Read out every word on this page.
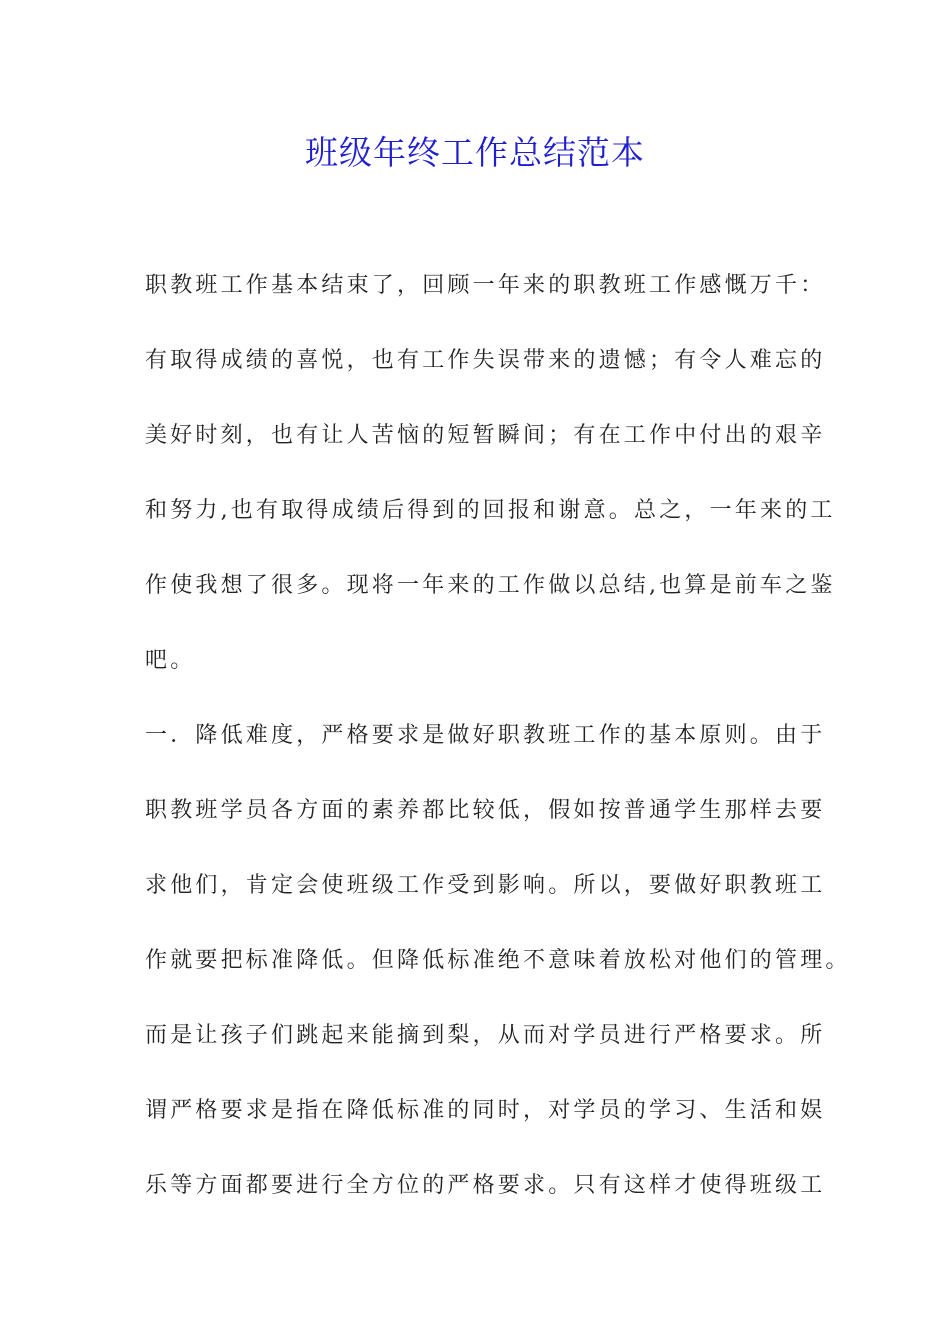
班级年终工作总结范本
职教班工作基本结束了，回顾一年来的职教班工作感慨万千：
有取得成绩的喜悦，也有工作失误带来的遗憾；有令人难忘的
美好时刻，也有让人苦恼的短暂瞬间；有在工作中付出的艰辛
和努力,也有取得成绩后得到的回报和谢意。总之，一年来的工
作使我想了很多。现将一年来的工作做以总结,也算是前车之鉴
吧。
一．降低难度，严格要求是做好职教班工作的基本原则。由于
职教班学员各方面的素养都比较低，假如按普通学生那样去要
求他们，肯定会使班级工作受到影响。所以，要做好职教班工
作就要把标准降低。但降低标准绝不意味着放松对他们的管理。
而是让孩子们跳起来能摘到梨，从而对学员进行严格要求。所
谓严格要求是指在降低标准的同时，对学员的学习、生活和娱
乐等方面都要进行全方位的严格要求。只有这样才使得班级工
